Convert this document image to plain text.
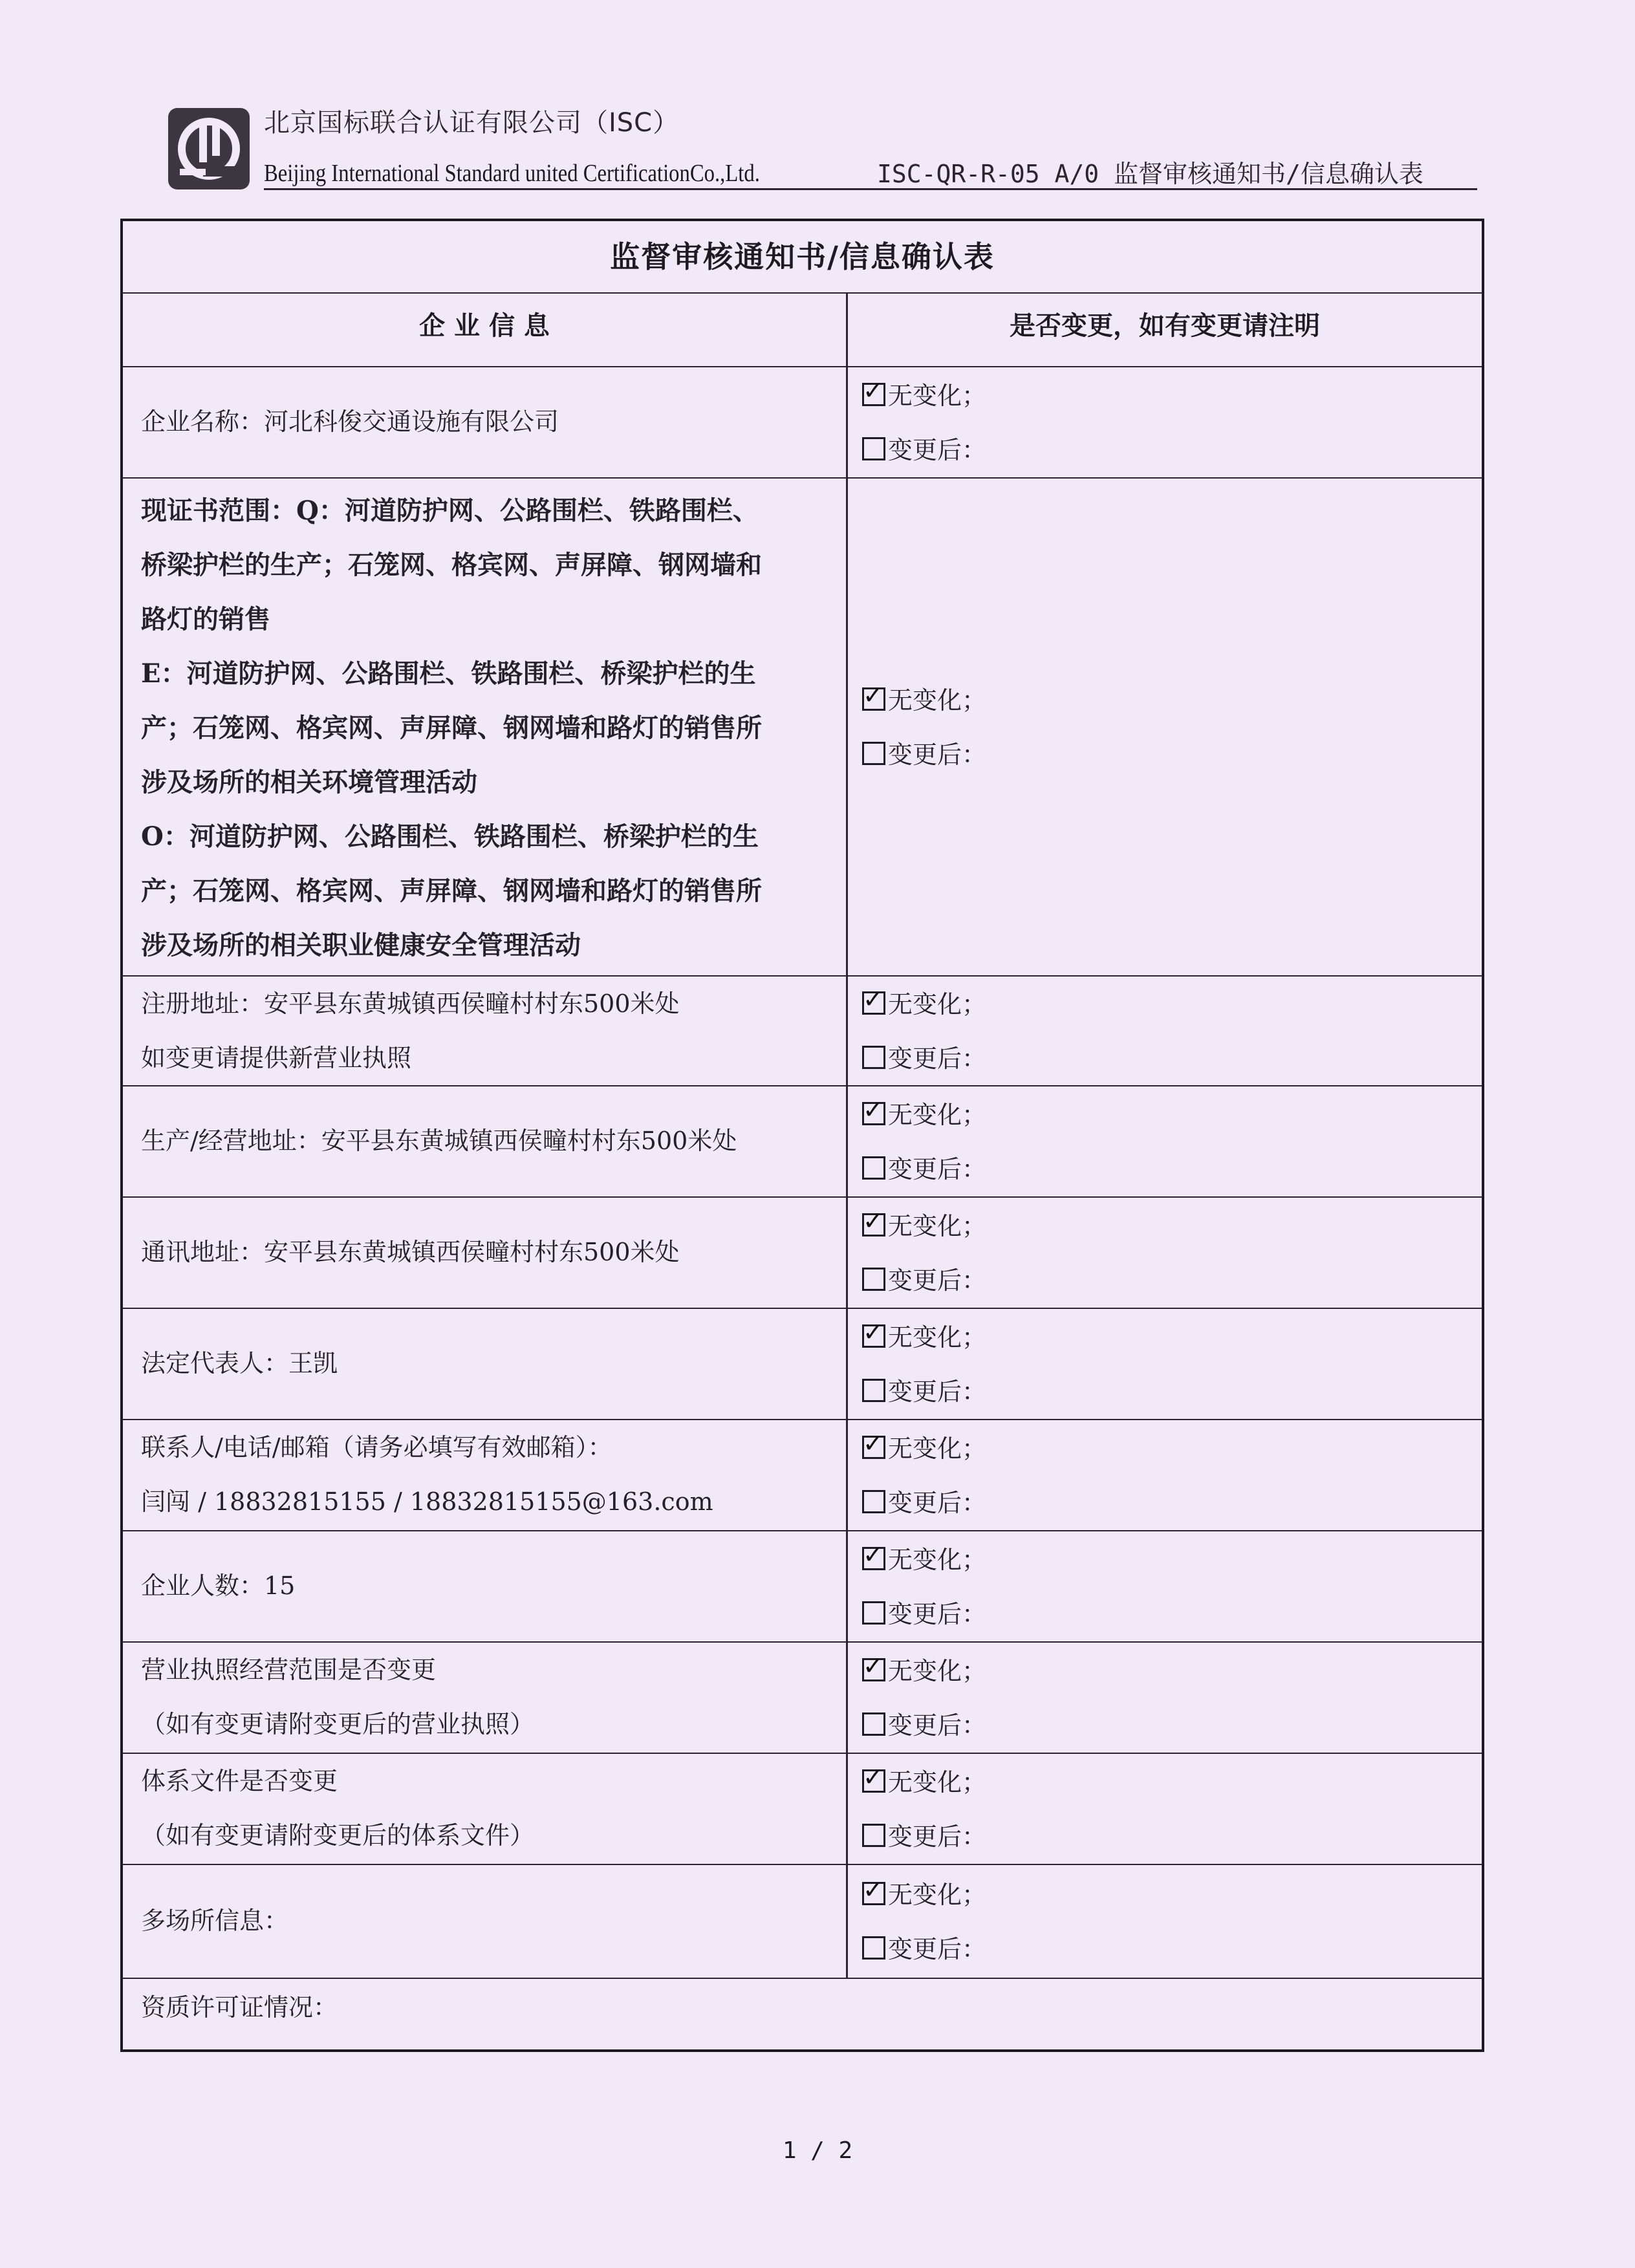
北京国标联合认证有限公司（ISC）
Beijing International Standard united CertificationCo.,Ltd.	ISC-QR-R-05 A/0 监督审核通知书/信息确认表
监督审核通知书/信息确认表
企 业 信 息	是否变更，如有变更请注明
企业名称：河北科俊交通设施有限公司
✓ 无变化；
变更后：
现证书范围：Q：河道防护网、公路围栏、铁路围栏、
桥梁护栏的生产；石笼网、格宾网、声屏障、钢网墙和
路灯的销售
E：河道防护网、公路围栏、铁路围栏、桥梁护栏的生
产；石笼网、格宾网、声屏障、钢网墙和路灯的销售所
涉及场所的相关环境管理活动
O：河道防护网、公路围栏、铁路围栏、桥梁护栏的生
产；石笼网、格宾网、声屏障、钢网墙和路灯的销售所
涉及场所的相关职业健康安全管理活动
✓ 无变化；
变更后：
注册地址：安平县东黄城镇西侯疃村村东500米处
如变更请提供新营业执照
✓ 无变化；
变更后：
生产/经营地址：安平县东黄城镇西侯疃村村东500米处
✓ 无变化；
变更后：
通讯地址：安平县东黄城镇西侯疃村村东500米处
✓ 无变化；
变更后：
法定代表人：王凯
✓ 无变化；
变更后：
联系人/电话/邮箱（请务必填写有效邮箱）：
闫闯 / 18832815155 / 18832815155@163.com
✓ 无变化；
变更后：
企业人数：15
✓ 无变化；
变更后：
营业执照经营范围是否变更
（如有变更请附变更后的营业执照）
✓ 无变化；
变更后：
体系文件是否变更
（如有变更请附变更后的体系文件）
✓ 无变化；
变更后：
多场所信息：
✓ 无变化；
变更后：
资质许可证情况：
1 / 2
